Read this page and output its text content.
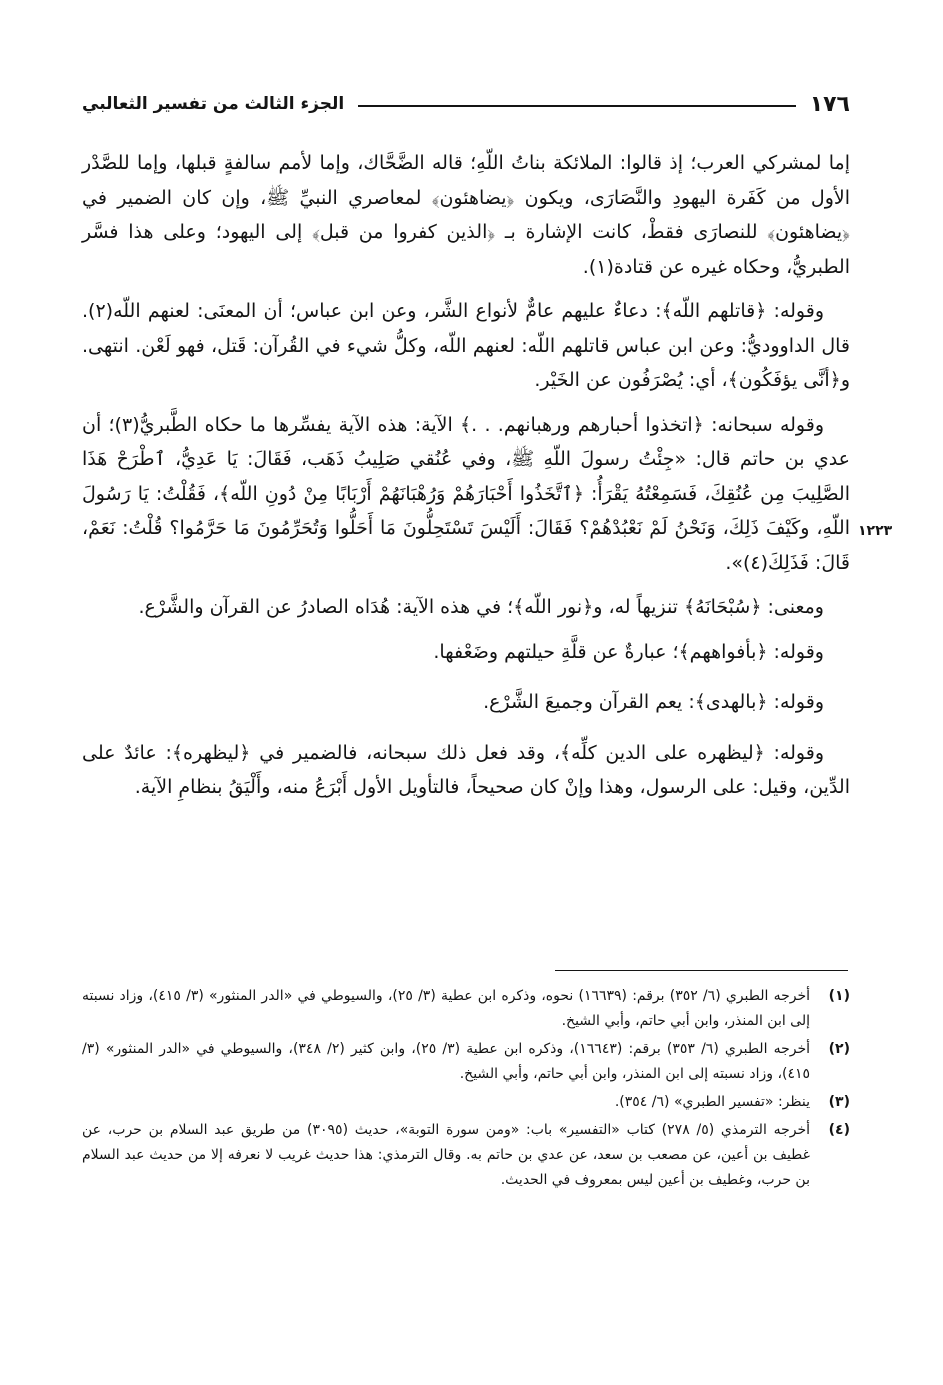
١٧٦
الجزء الثالث من تفسير الثعالبي
١٢٢٣

إما لمشركي العرب؛ إذ قالوا: الملائكة بناتُ اللّهِ؛ قاله الضَّحَّاك، وإما لأمم سالفةٍ قبلها، وإما للصَّدْر الأول من كَفَرة اليهودِ والنَّصَارَى، ويكون ﴿يضاهئون﴾ لمعاصري النبيِّ ﷺ، وإن كان الضمير في ﴿يضاهئون﴾ للنصارَى فقطْ، كانت الإشارة بـ ﴿الذين كفروا من قبل﴾ إلى اليهود؛ وعلى هذا فسَّر الطبريُّ، وحكاه غيره عن قتادة(١).

وقوله: ﴿قاتلهم اللّه﴾: دعاءٌ عليهم عامٌّ لأنواع الشَّر، وعن ابن عباس؛ أن المعنَى: لعنهم اللّه(٢). قال الداووديُّ: وعن ابن عباس قاتلهم اللّه: لعنهم اللّه، وكلُّ شيء في القُرآن: قَتل، فهو لَعْن. انتهى. و﴿أنَّى يؤفَكُون﴾، أي: يُصْرَفُون عن الخَيْر.

وقوله سبحانه: ﴿اتخذوا أحبارهم ورهبانهم. . .﴾ الآية: هذه الآية يفسِّرها ما حكاه الطَّبريُّ(٣)؛ أن عدي بن حاتم قال: «جِئْتُ رسولَ اللّهِ ﷺ، وفي عُنُقي صَلِيبُ ذَهَب، فَقَالَ: يَا عَدِيُّ، ٱطْرَحْ هَذَا الصَّلِيبَ مِن عُنُقِكَ، فَسَمِعْتُهُ يَقْرَأُ: ﴿ٱتَّخَذُوا أَحْبَارَهُمْ وَرُهْبَانَهُمْ أَرْبَابًا مِنْ دُونِ اللّه﴾، فَقُلْتُ: يَا رَسُولَ اللّهِ، وكَيْفَ ذَلِكَ، وَنَحْنُ لَمْ نَعْبُدْهُمْ؟ فَقَالَ: أَلَيْسَ تَسْتَحِلُّونَ مَا أَحَلُّوا وَتُحَرِّمُونَ مَا حَرَّمُوا؟ قُلْتُ: نَعَمْ، قَالَ: فَذَلِكَ(٤)».

ومعنى: ﴿سُبْحَانَهُ﴾ تنزيهاً له، و﴿نور اللّه﴾؛ في هذه الآية: هُدَاه الصادرُ عن القرآن والشَّرْع.

وقوله: ﴿بأفواههم﴾؛ عبارةٌ عن قلَّةِ حيلتهم وضَعْفها.

وقوله: ﴿بالهدى﴾: يعم القرآن وجميعَ الشَّرْع.

وقوله: ﴿ليظهره على الدين كلِّه﴾، وقد فعل ذلك سبحانه، فالضمير في ﴿ليظهره﴾: عائدٌ على الدِّين، وقيل: على الرسول، وهذا وإنْ كان صحيحاً، فالتأويل الأول أَبْرَعُ منه، وأَلْيَقُ بنظامِ الآية.

(١)
أخرجه الطبري (٦/ ٣٥٢) برقم: (١٦٦٣٩) نحوه، وذكره ابن عطية (٣/ ٢٥)، والسيوطي في «الدر المنثور» (٣/ ٤١٥)، وزاد نسبته إلى ابن المنذر، وابن أبي حاتم، وأبي الشيخ.
(٢)
أخرجه الطبري (٦/ ٣٥٣) برقم: (١٦٦٤٣)، وذكره ابن عطية (٣/ ٢٥)، وابن كثير (٢/ ٣٤٨)، والسيوطي في «الدر المنثور» (٣/ ٤١٥)، وزاد نسبته إلى ابن المنذر، وابن أبي حاتم، وأبي الشيخ.
(٣)
ينظر: «تفسير الطبري» (٦/ ٣٥٤).
(٤)
أخرجه الترمذي (٥/ ٢٧٨) كتاب «التفسير» باب: «ومن سورة التوبة»، حديث (٣٠٩٥) من طريق عبد السلام بن حرب، عن غطيف بن أعين، عن مصعب بن سعد، عن عدي بن حاتم به. وقال الترمذي: هذا حديث غريب لا نعرفه إلا من حديث عبد السلام بن حرب، وغطيف بن أعين ليس بمعروف في الحديث.
